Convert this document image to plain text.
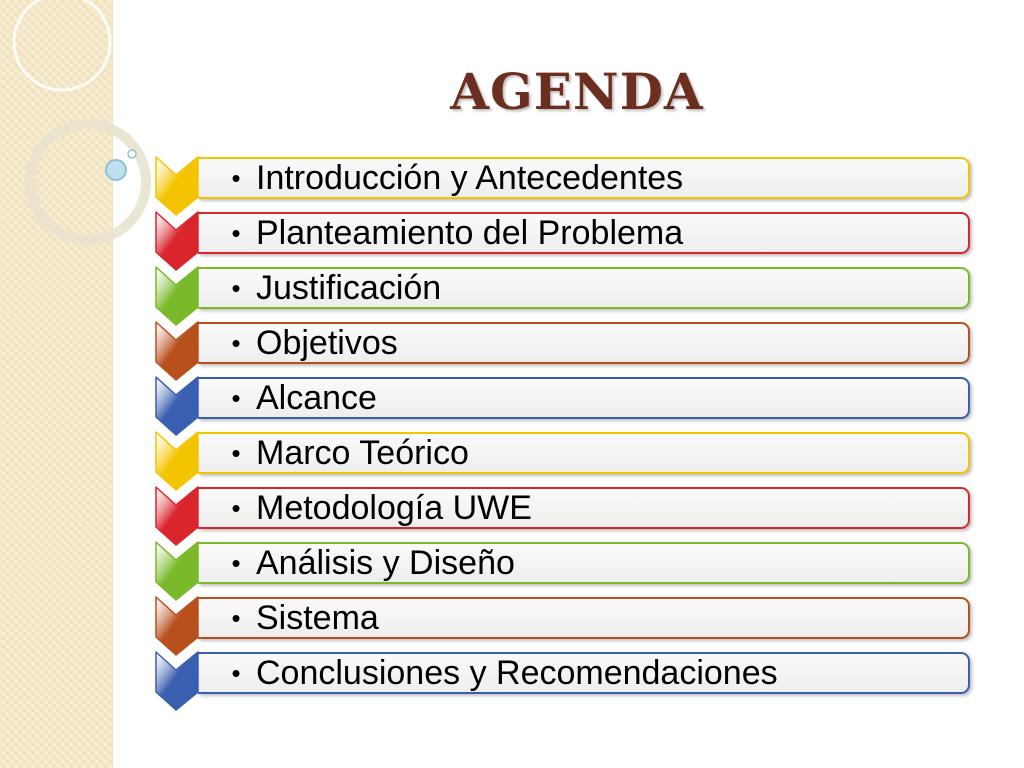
AGENDA
• Introducción y Antecedentes
• Planteamiento del Problema
• Justificación
• Objetivos
• Alcance
• Marco Teórico
• Metodología UWE
• Análisis y Diseño
• Sistema
• Conclusiones y Recomendaciones
